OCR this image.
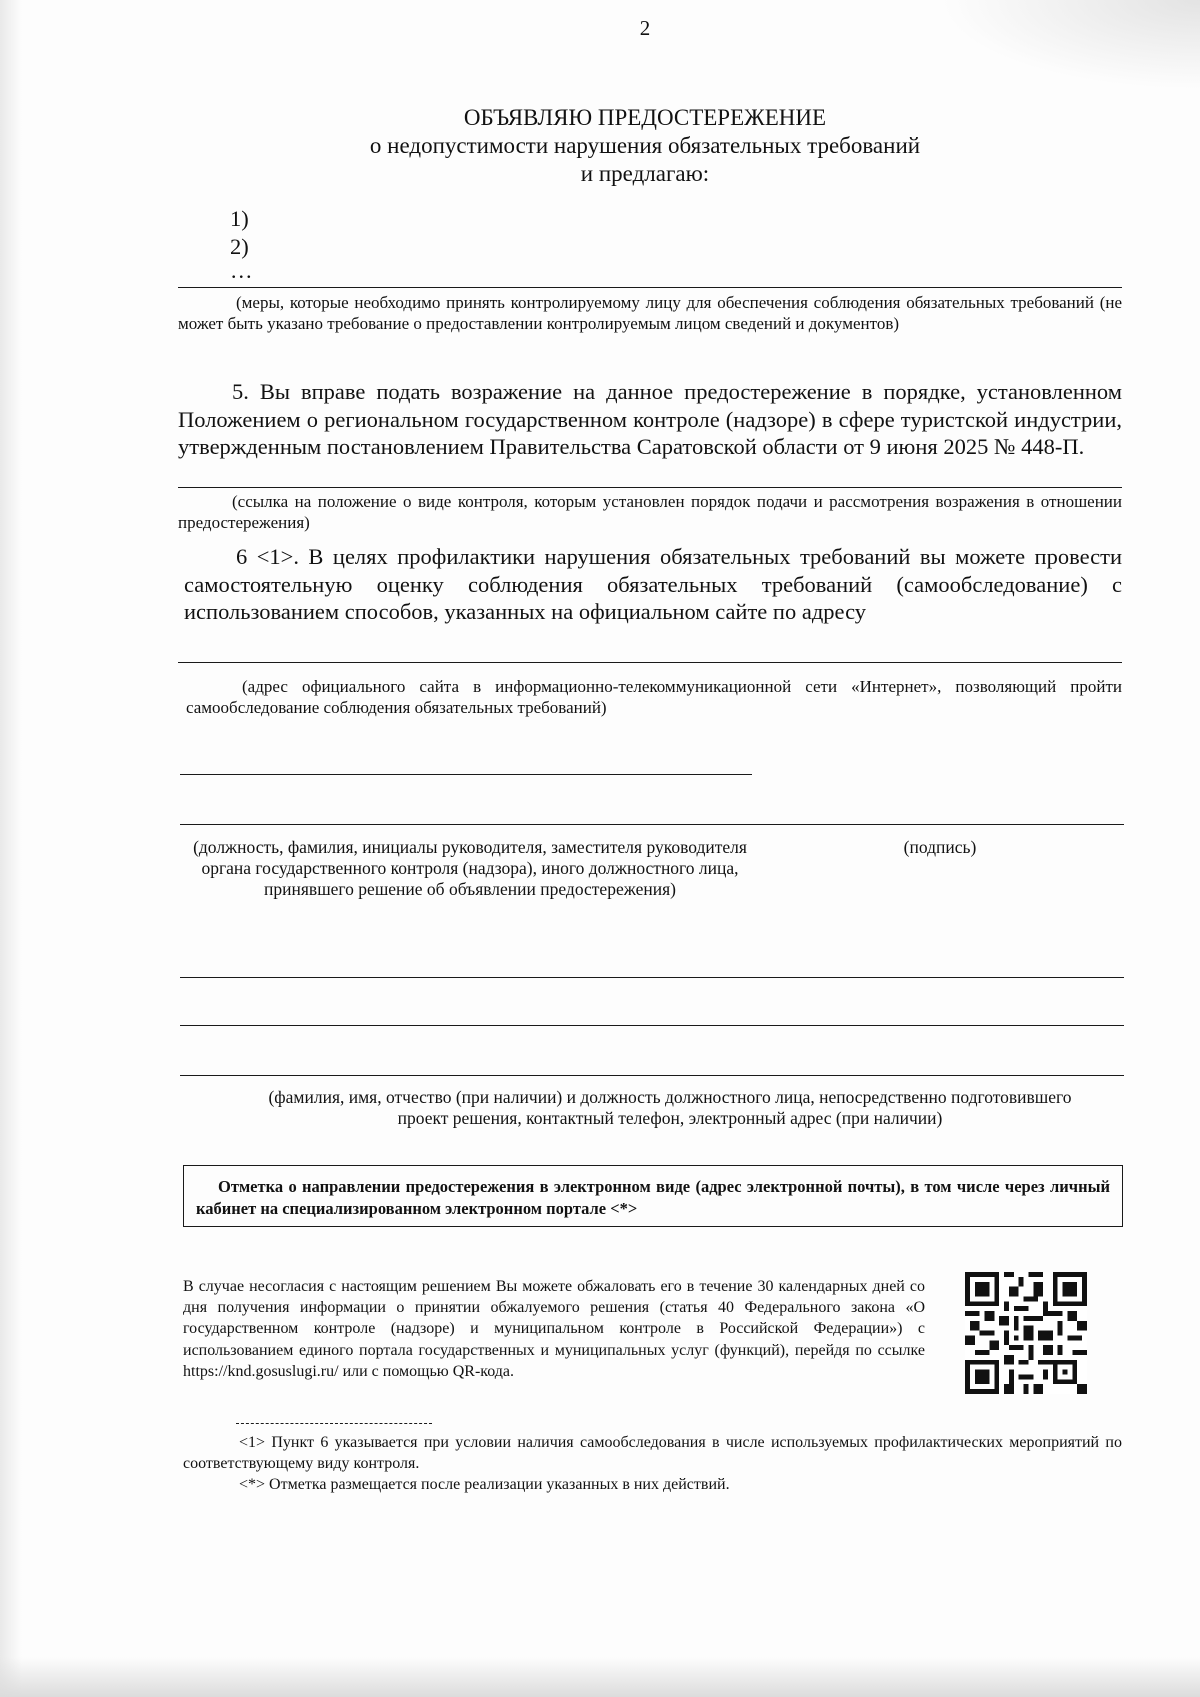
2
ОБЪЯВЛЯЮ ПРЕДОСТЕРЕЖЕНИЕ
о недопустимости нарушения обязательных требований
и предлагаю:
1)
2)
…
(меры, которые необходимо принять контролируемому лицу для обеспечения соблюдения обязательных требований (не может быть указано требование о предоставлении контролируемым лицом сведений и документов)
5. Вы вправе подать возражение на данное предостережение в порядке, установленном Положением о региональном государственном контроле (надзоре) в сфере туристской индустрии, утвержденным постановлением Правительства Саратовской области от 9 июня 2025 № 448-П.
(ссылка на положение о виде контроля, которым установлен порядок подачи и рассмотрения возражения в отношении предостережения)
6 <1>. В целях профилактики нарушения обязательных требований вы можете провести самостоятельную оценку соблюдения обязательных требований (самообследование) с использованием способов, указанных на официальном сайте по адресу
(адрес официального сайта в информационно-телекоммуникационной сети «Интернет», позволяющий пройти самообследование соблюдения обязательных требований)
(должность, фамилия, инициалы руководителя, заместителя руководителя органа государственного контроля (надзора), иного должностного лица, принявшего решение об объявлении предостережения)
(подпись)
(фамилия, имя, отчество (при наличии) и должность должностного лица, непосредственно подготовившего проект решения, контактный телефон, электронный адрес (при наличии)
Отметка о направлении предостережения в электронном виде (адрес электронной почты), в том числе через личный кабинет на специализированном электронном портале <*>
В случае несогласия с настоящим решением Вы можете обжаловать его в течение 30 календарных дней со дня получения информации о принятии обжалуемого решения (статья 40 Федерального закона «О государственном контроле (надзоре) и муниципальном контроле в Российской Федерации») с использованием единого портала государственных и муниципальных услуг (функций), перейдя по ссылке https://knd.gosuslugi.ru/ или с помощью QR-кода.
<1> Пункт 6 указывается при условии наличия самообследования в числе используемых профилактических мероприятий по соответствующему виду контроля.
<*> Отметка размещается после реализации указанных в них действий.
